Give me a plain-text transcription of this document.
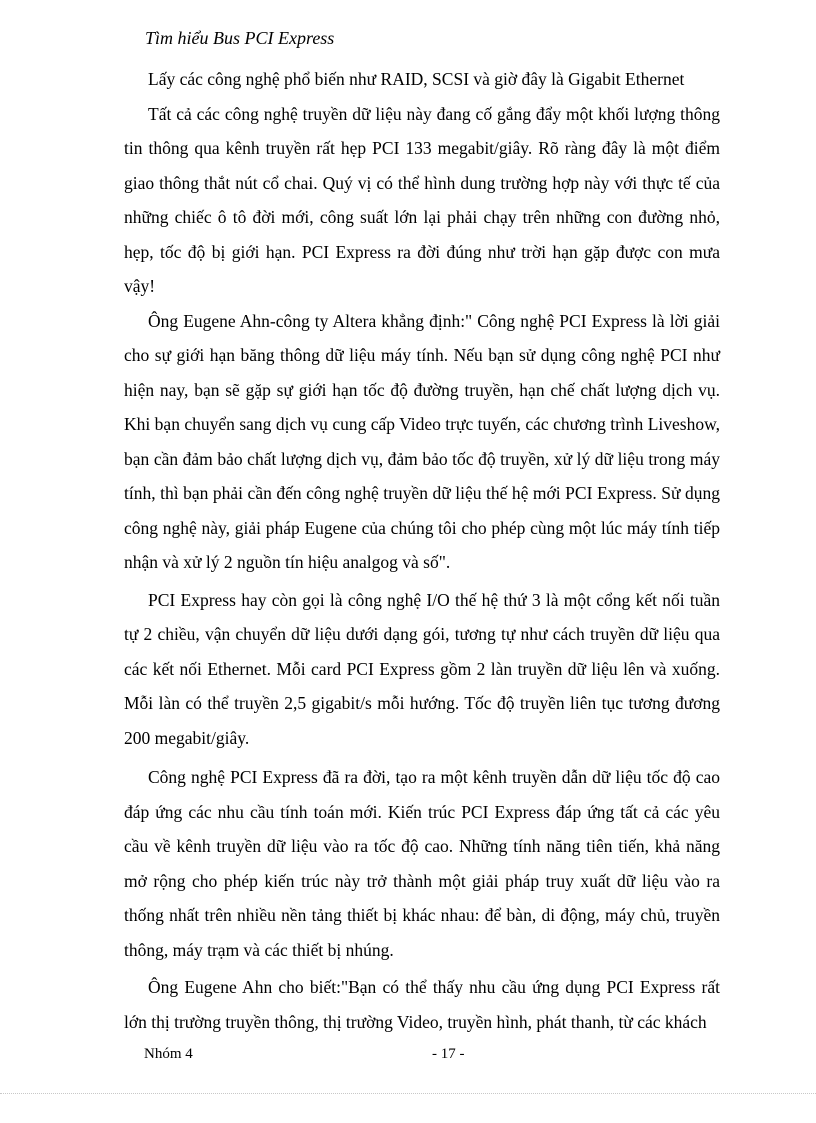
Tìm hiểu Bus PCI Express

Lấy các công nghệ phổ biến như RAID, SCSI và giờ đây là Gigabit Ethernet

Tất cả các công nghệ truyền dữ liệu này đang cố gắng đẩy một khối lượng thông tin thông qua kênh truyền rất hẹp PCI 133 megabit/giây. Rõ ràng đây là một điểm giao thông thắt nút cổ chai. Quý vị có thể hình dung trường hợp này với thực tế của những chiếc ô tô đời mới, công suất lớn lại phải chạy trên những con đường nhỏ, hẹp, tốc độ bị giới hạn. PCI Express ra đời đúng như trời hạn gặp được con mưa vậy!

Ông Eugene Ahn-công ty Altera khẳng định:" Công nghệ PCI Express là lời giải cho sự giới hạn băng thông dữ liệu máy tính. Nếu bạn sử dụng công nghệ PCI như hiện nay, bạn sẽ gặp sự giới hạn tốc độ đường truyền, hạn chế chất lượng dịch vụ. Khi bạn chuyển sang dịch vụ cung cấp Video trực tuyến, các chương trình Liveshow, bạn cần đảm bảo chất lượng dịch vụ, đảm bảo tốc độ truyền, xử lý dữ liệu trong máy tính, thì bạn phải cần đến công nghệ truyền dữ liệu thế hệ mới PCI Express. Sử dụng công nghệ này, giải pháp Eugene của chúng tôi cho phép cùng một lúc máy tính tiếp nhận và xử lý 2 nguồn tín hiệu analgog và số".

PCI Express hay còn gọi là công nghệ I/O thế hệ thứ 3 là một cổng kết nối tuần tự 2 chiều, vận chuyển dữ liệu dưới dạng gói, tương tự như cách truyền dữ liệu qua các kết nối Ethernet. Mỗi card PCI Express gồm 2 làn truyền dữ liệu lên và xuống. Mỗi làn có thể truyền 2,5 gigabit/s mỗi hướng. Tốc độ truyền liên tục tương đương 200 megabit/giây.

Công nghệ PCI Express đã ra đời, tạo ra một kênh truyền dẫn dữ liệu tốc độ cao đáp ứng các nhu cầu tính toán mới. Kiến trúc PCI Express đáp ứng tất cả các yêu cầu về kênh truyền dữ liệu vào ra tốc độ cao. Những tính năng tiên tiến, khả năng mở rộng cho phép kiến trúc này trở thành một giải pháp truy xuất dữ liệu vào ra thống nhất trên nhiều nền tảng thiết bị khác nhau: để bàn, di động, máy chủ, truyền thông, máy trạm và các thiết bị nhúng.

Ông Eugene Ahn cho biết:"Bạn có thể thấy nhu cầu ứng dụng PCI Express rất lớn thị trường truyền thông, thị trường Video, truyền hình, phát thanh, từ các khách

Nhóm 4	- 17 -
